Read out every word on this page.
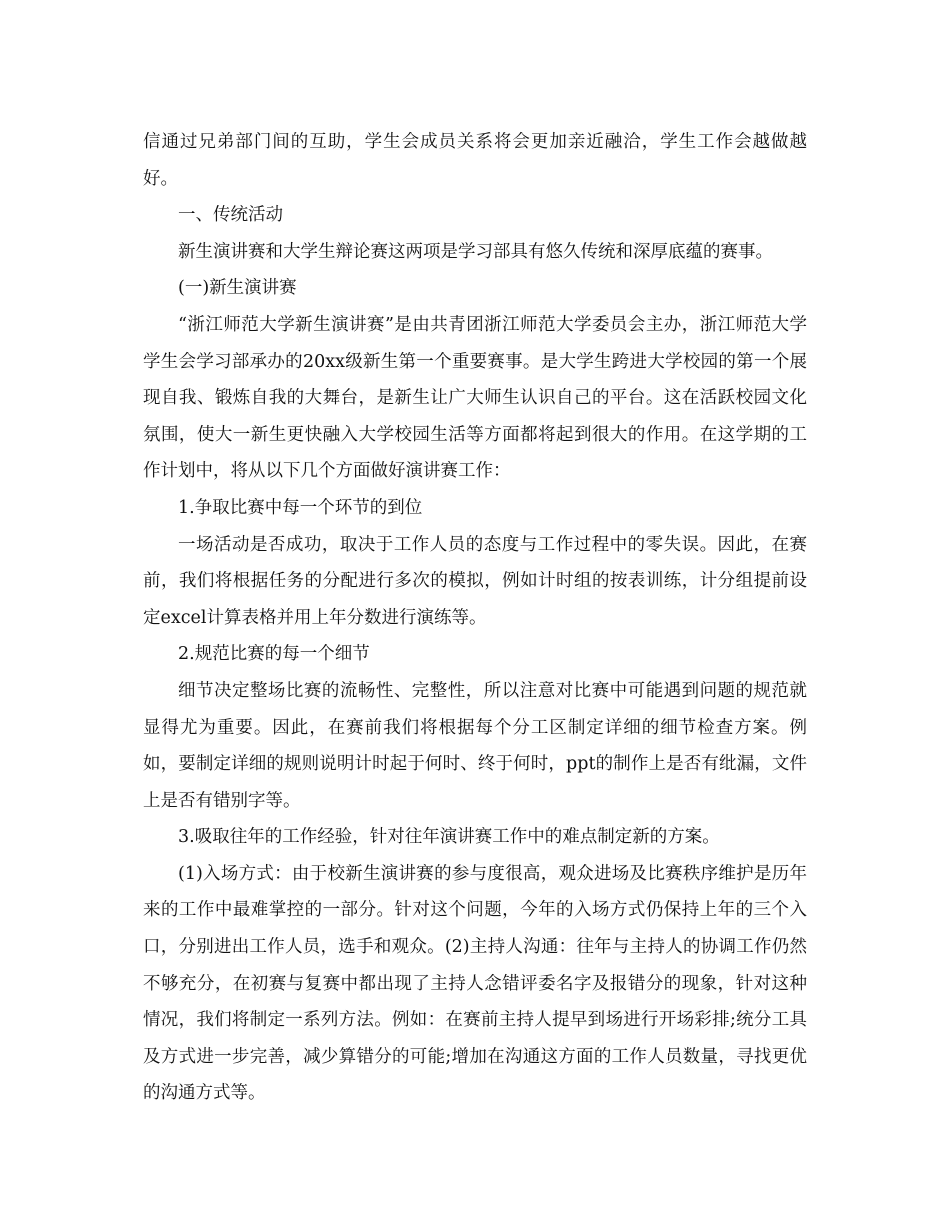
信通过兄弟部门间的互助，学生会成员关系将会更加亲近融洽，学生工作会越做越好。

一、传统活动

新生演讲赛和大学生辩论赛这两项是学习部具有悠久传统和深厚底蕴的赛事。

(一)新生演讲赛

“浙江师范大学新生演讲赛”是由共青团浙江师范大学委员会主办，浙江师范大学学生会学习部承办的20xx级新生第一个重要赛事。是大学生跨进大学校园的第一个展现自我、锻炼自我的大舞台，是新生让广大师生认识自己的平台。这在活跃校园文化氛围，使大一新生更快融入大学校园生活等方面都将起到很大的作用。在这学期的工作计划中，将从以下几个方面做好演讲赛工作：

1.争取比赛中每一个环节的到位

一场活动是否成功，取决于工作人员的态度与工作过程中的零失误。因此，在赛前，我们将根据任务的分配进行多次的模拟，例如计时组的按表训练，计分组提前设定excel计算表格并用上年分数进行演练等。

2.规范比赛的每一个细节

细节决定整场比赛的流畅性、完整性，所以注意对比赛中可能遇到问题的规范就显得尤为重要。因此，在赛前我们将根据每个分工区制定详细的细节检查方案。例如，要制定详细的规则说明计时起于何时、终于何时，ppt的制作上是否有纰漏，文件上是否有错别字等。

3.吸取往年的工作经验，针对往年演讲赛工作中的难点制定新的方案。

(1)入场方式：由于校新生演讲赛的参与度很高，观众进场及比赛秩序维护是历年来的工作中最难掌控的一部分。针对这个问题，今年的入场方式仍保持上年的三个入口，分别进出工作人员，选手和观众。(2)主持人沟通：往年与主持人的协调工作仍然不够充分，在初赛与复赛中都出现了主持人念错评委名字及报错分的现象，针对这种情况，我们将制定一系列方法。例如：在赛前主持人提早到场进行开场彩排;统分工具及方式进一步完善，减少算错分的可能;增加在沟通这方面的工作人员数量，寻找更优的沟通方式等。
